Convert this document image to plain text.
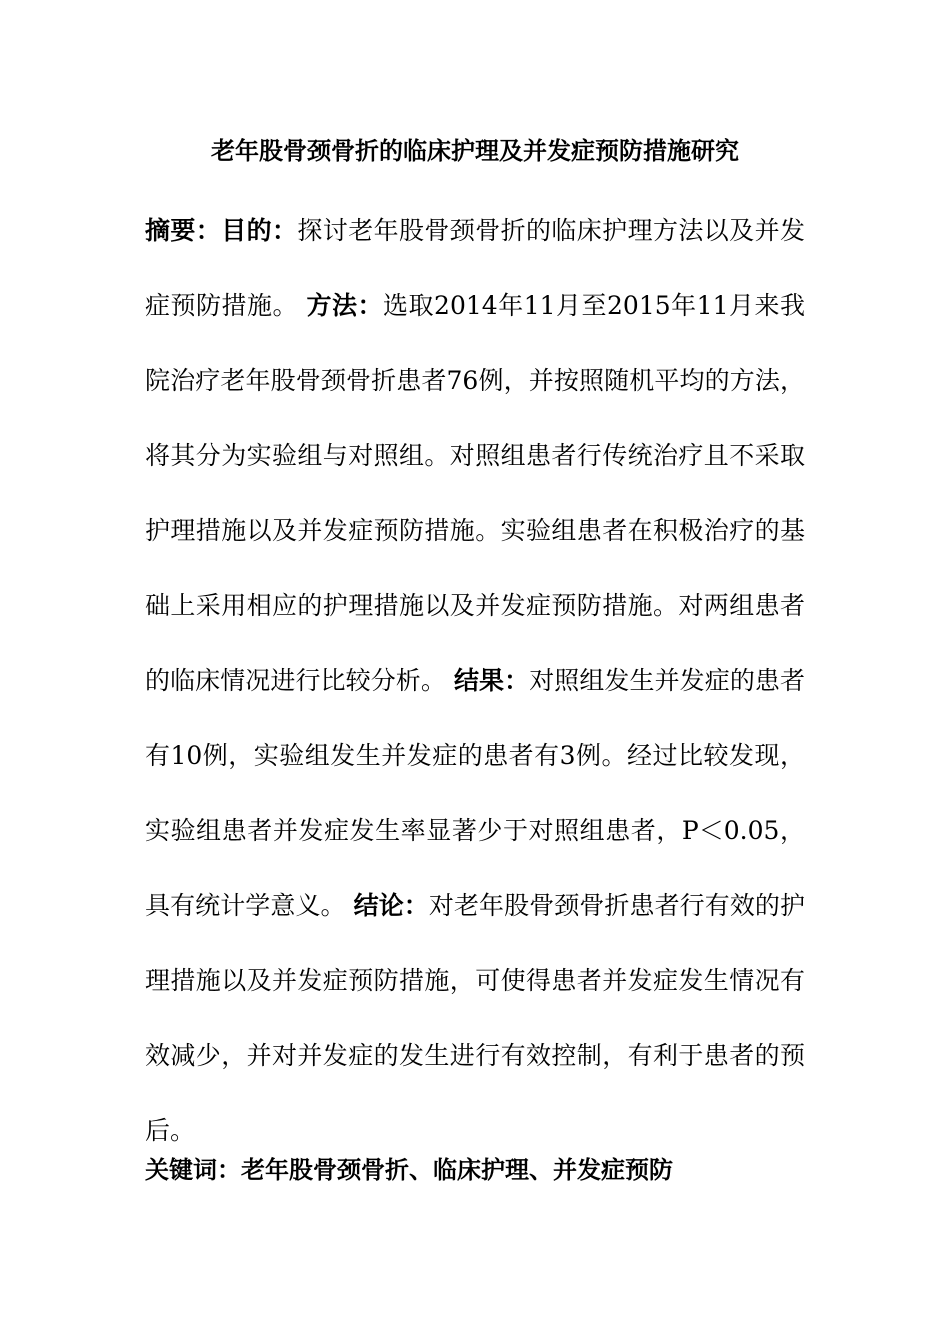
老年股骨颈骨折的临床护理及并发症预防措施研究

摘要：目的：探讨老年股骨颈骨折的临床护理方法以及并发症预防措施。 方法：选取2014年11月至2015年11月来我院治疗老年股骨颈骨折患者76例，并按照随机平均的方法，将其分为实验组与对照组。对照组患者行传统治疗且不采取护理措施以及并发症预防措施。实验组患者在积极治疗的基础上采用相应的护理措施以及并发症预防措施。对两组患者的临床情况进行比较分析。 结果：对照组发生并发症的患者有10例，实验组发生并发症的患者有3例。经过比较发现，实验组患者并发症发生率显著少于对照组患者，P＜0.05，具有统计学意义。 结论：对老年股骨颈骨折患者行有效的护理措施以及并发症预防措施，可使得患者并发症发生情况有效减少，并对并发症的发生进行有效控制，有利于患者的预后。

关键词：老年股骨颈骨折、临床护理、并发症预防
